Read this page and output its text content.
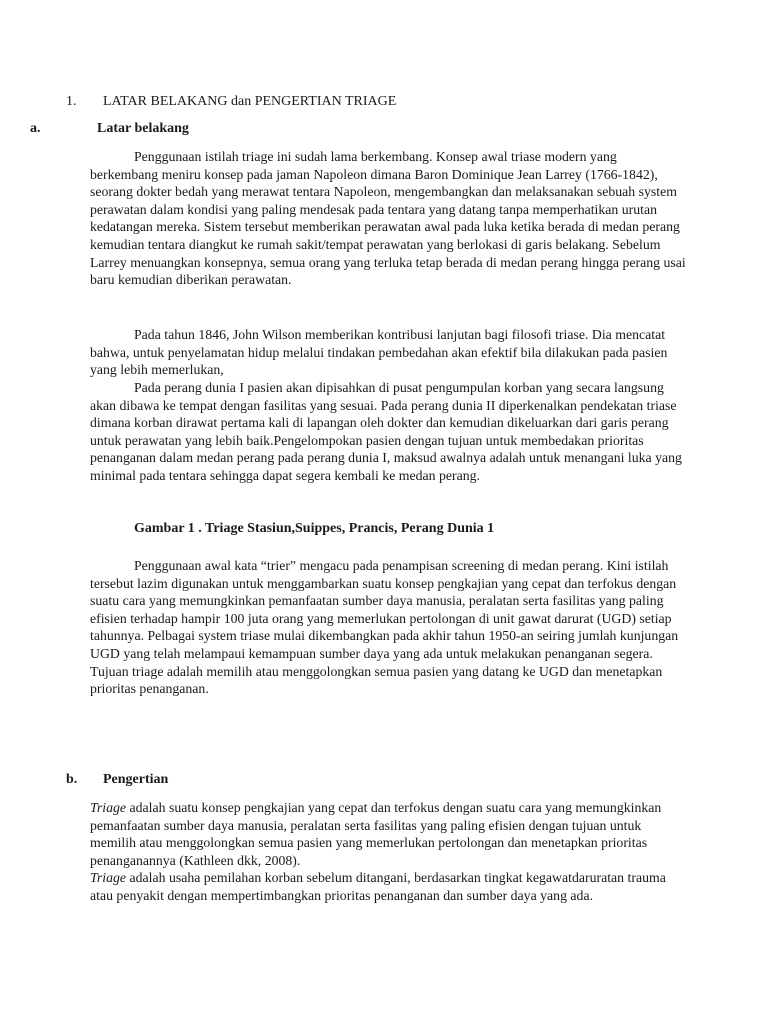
1. LATAR BELAKANG dan PENGERTIAN TRIAGE
a.	Latar belakang

Penggunaan istilah triage ini sudah lama berkembang. Konsep awal triase modern yang berkembang meniru konsep pada jaman Napoleon dimana Baron Dominique Jean Larrey (1766-1842), seorang dokter bedah yang merawat tentara Napoleon, mengembangkan dan melaksanakan sebuah system perawatan dalam kondisi yang paling mendesak pada tentara yang datang tanpa memperhatikan urutan kedatangan mereka. Sistem tersebut memberikan perawatan awal pada luka ketika berada di medan perang kemudian tentara diangkut ke rumah sakit/tempat perawatan yang berlokasi di garis belakang. Sebelum Larrey menuangkan konsepnya, semua orang yang terluka tetap berada di medan perang hingga perang usai baru kemudian diberikan perawatan.

Pada tahun 1846, John Wilson memberikan kontribusi lanjutan bagi filosofi triase. Dia mencatat bahwa, untuk penyelamatan hidup melalui tindakan pembedahan akan efektif bila dilakukan pada pasien yang lebih memerlukan,

Pada perang dunia I pasien akan dipisahkan di pusat pengumpulan korban yang secara langsung akan dibawa ke tempat dengan fasilitas yang sesuai. Pada perang dunia II diperkenalkan pendekatan triase dimana korban dirawat pertama kali di lapangan oleh dokter dan kemudian dikeluarkan dari garis perang untuk perawatan yang lebih baik.Pengelompokan pasien dengan tujuan untuk membedakan prioritas penanganan dalam medan perang pada perang dunia I, maksud awalnya adalah untuk menangani luka yang minimal pada tentara sehingga dapat segera kembali ke medan perang.

Gambar 1 . Triage Stasiun,Suippes, Prancis, Perang Dunia 1

Penggunaan awal kata “trier” mengacu pada penampisan screening di medan perang. Kini istilah tersebut lazim digunakan untuk menggambarkan suatu konsep pengkajian yang cepat dan terfokus dengan suatu cara yang memungkinkan pemanfaatan sumber daya manusia, peralatan serta fasilitas yang paling efisien terhadap hampir 100 juta orang yang memerlukan pertolongan di unit gawat darurat (UGD) setiap tahunnya. Pelbagai system triase mulai dikembangkan pada akhir tahun 1950-an seiring jumlah kunjungan UGD yang telah melampaui kemampuan sumber daya yang ada untuk melakukan penanganan segera. Tujuan triage adalah memilih atau menggolongkan semua pasien yang datang ke UGD dan menetapkan prioritas penanganan.

b. Pengertian

Triage adalah suatu konsep pengkajian yang cepat dan terfokus dengan suatu cara yang memungkinkan pemanfaatan sumber daya manusia, peralatan serta fasilitas yang paling efisien dengan tujuan untuk memilih atau menggolongkan semua pasien yang memerlukan pertolongan dan menetapkan prioritas penanganannya (Kathleen dkk, 2008).

Triage adalah usaha pemilahan korban sebelum ditangani, berdasarkan tingkat kegawatdaruratan trauma atau penyakit dengan mempertimbangkan prioritas penanganan dan sumber daya yang ada.
